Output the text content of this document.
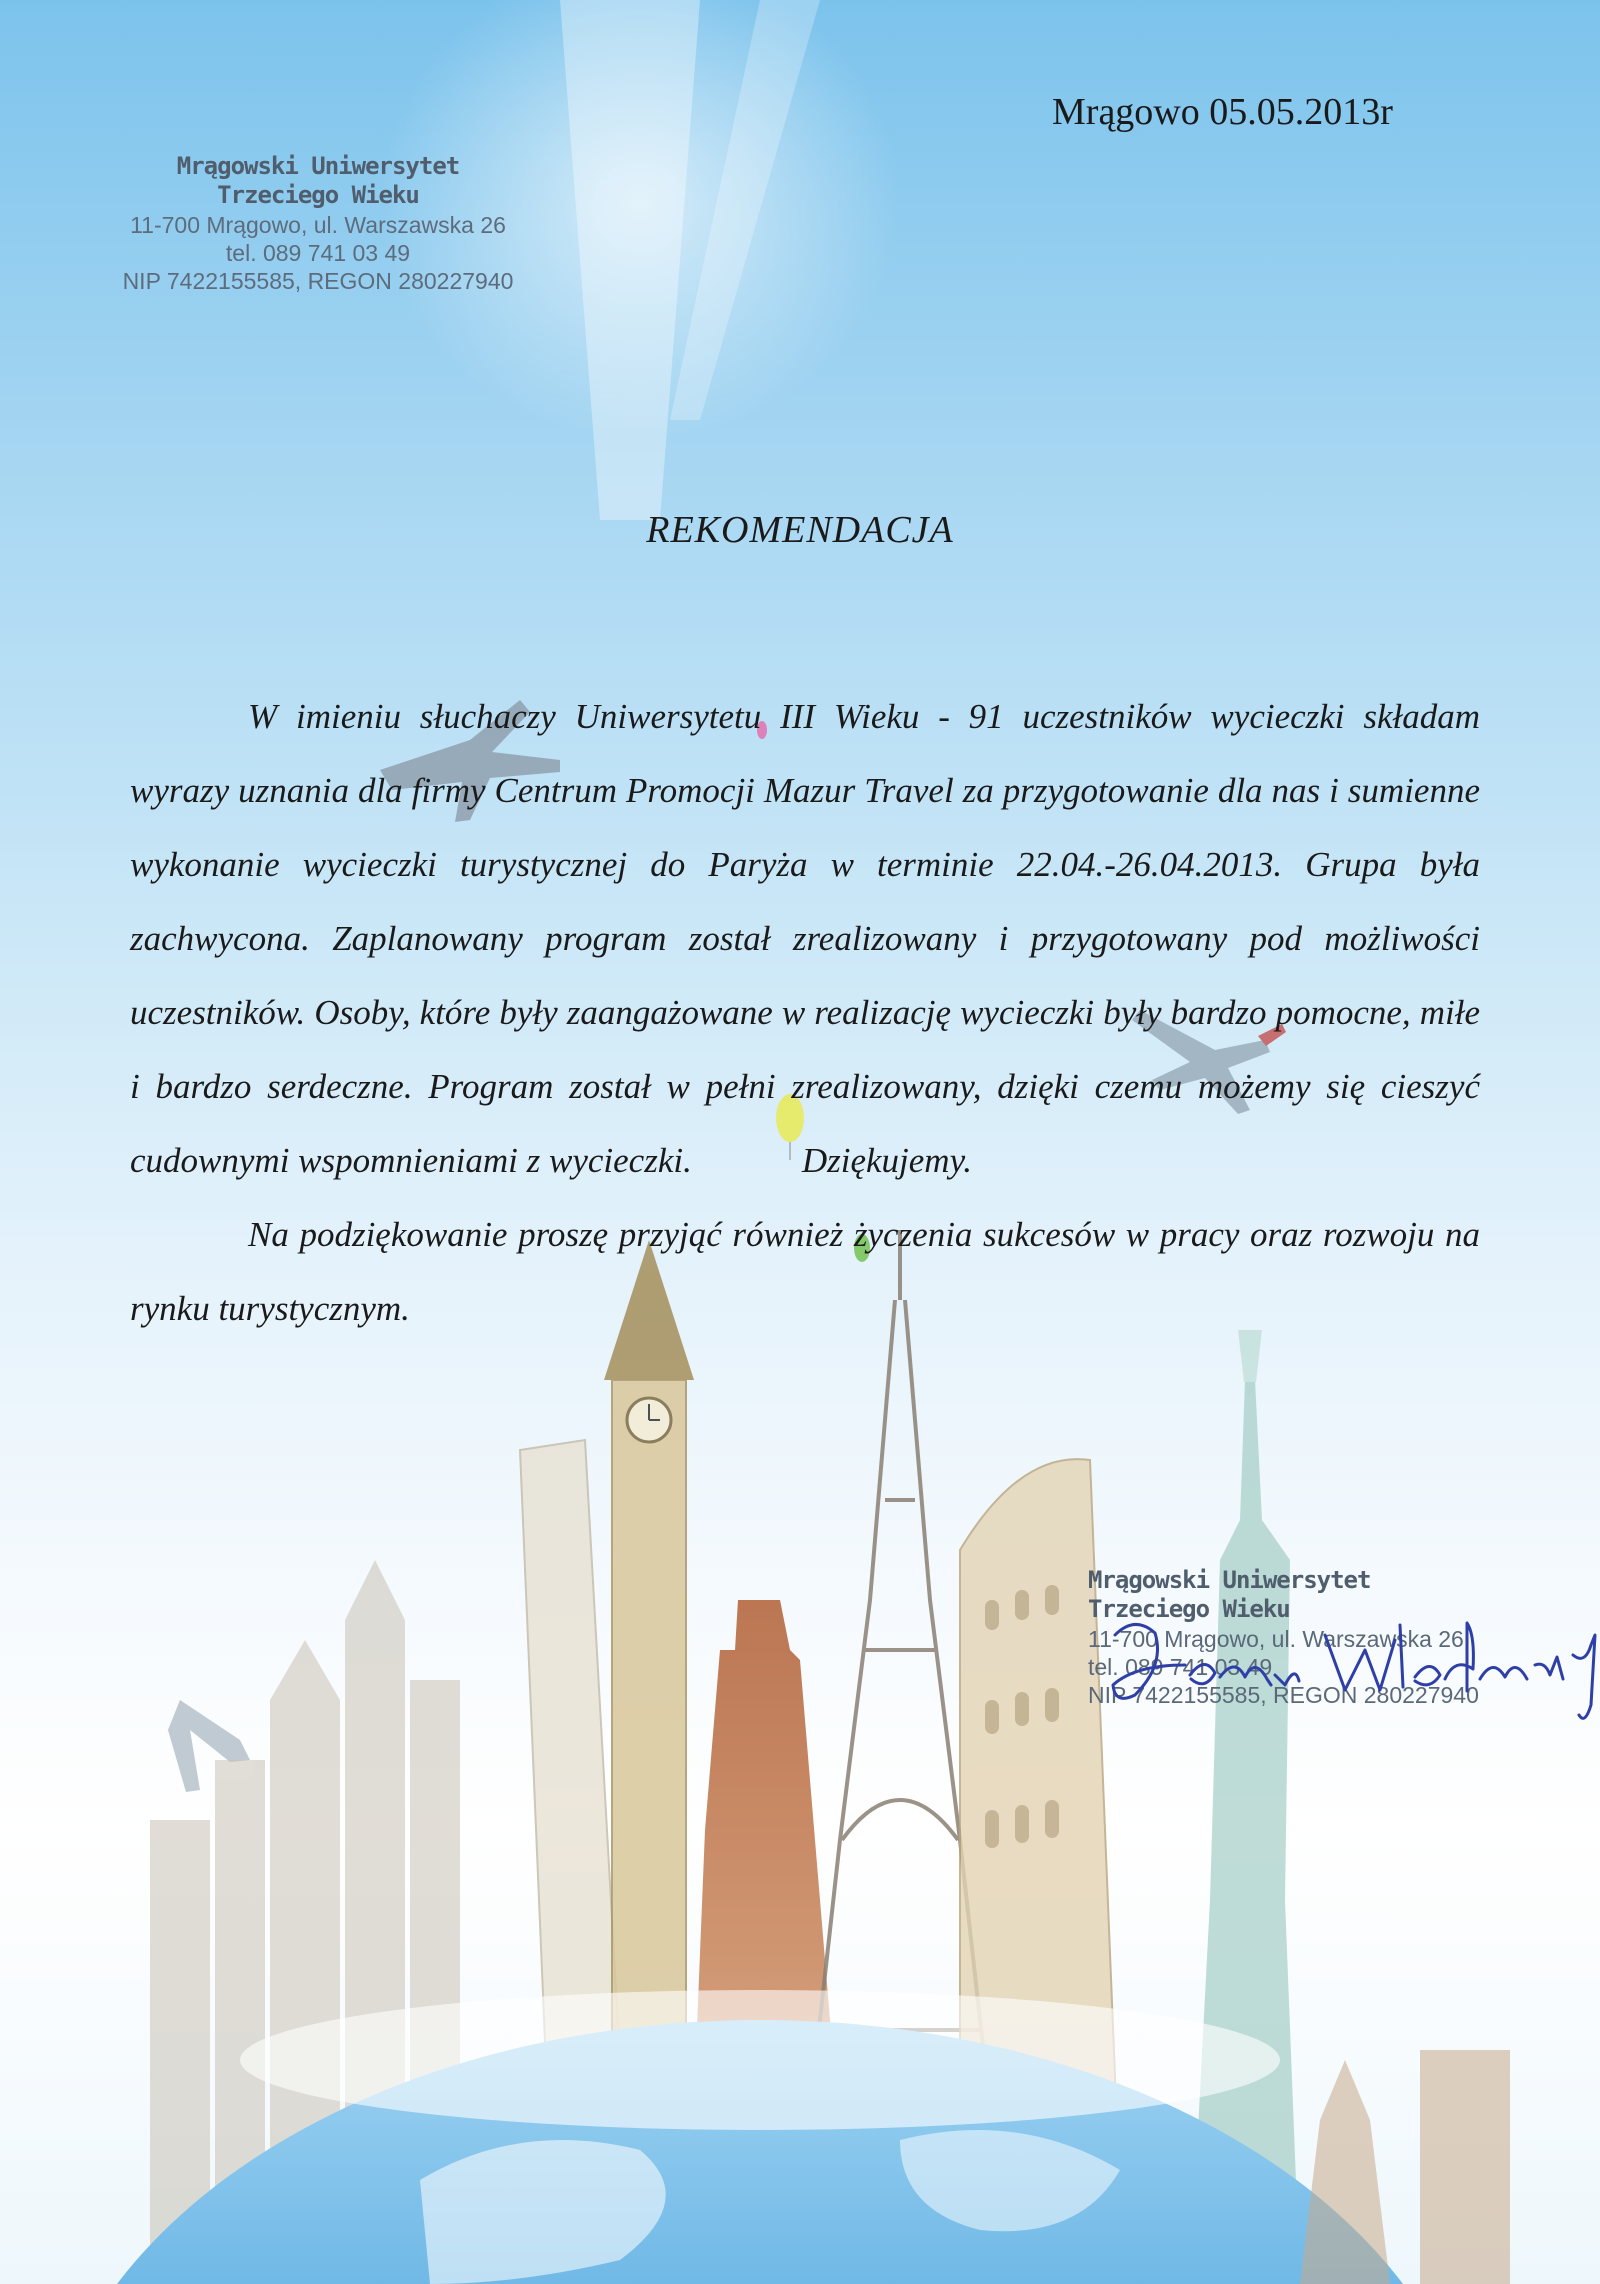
Mrągowo 05.05.2013r
Mrągowski Uniwersytet Trzeciego Wieku
11-700 Mrągowo, ul. Warszawska 26
tel. 089 741 03 49
NIP 7422155585, REGON 280227940
REKOMENDACJA

W imieniu słuchaczy Uniwersytetu III Wieku - 91 uczestników wycieczki składam wyrazy uznania dla firmy Centrum Promocji Mazur Travel za przygotowanie dla nas i sumienne wykonanie wycieczki turystycznej do Paryża w terminie 22.04.-26.04.2013. Grupa była zachwycona. Zaplanowany program został zrealizowany i przygotowany pod możliwości uczestników. Osoby, które były zaangażowane w realizację wycieczki były bardzo pomocne, miłe i bardzo serdeczne. Program został w pełni zrealizowany, dzięki czemu możemy się cieszyć cudownymi wspomnieniami z wycieczki.	Dziękujemy.

Na podziękowanie proszę przyjąć również życzenia sukcesów w pracy oraz rozwoju na rynku turystycznym.

Mrągowski Uniwersytet Trzeciego Wieku
11-700 Mrągowo, ul. Warszawska 26
tel. 089 741 03 49
NIP 7422155585, REGON 280227940
